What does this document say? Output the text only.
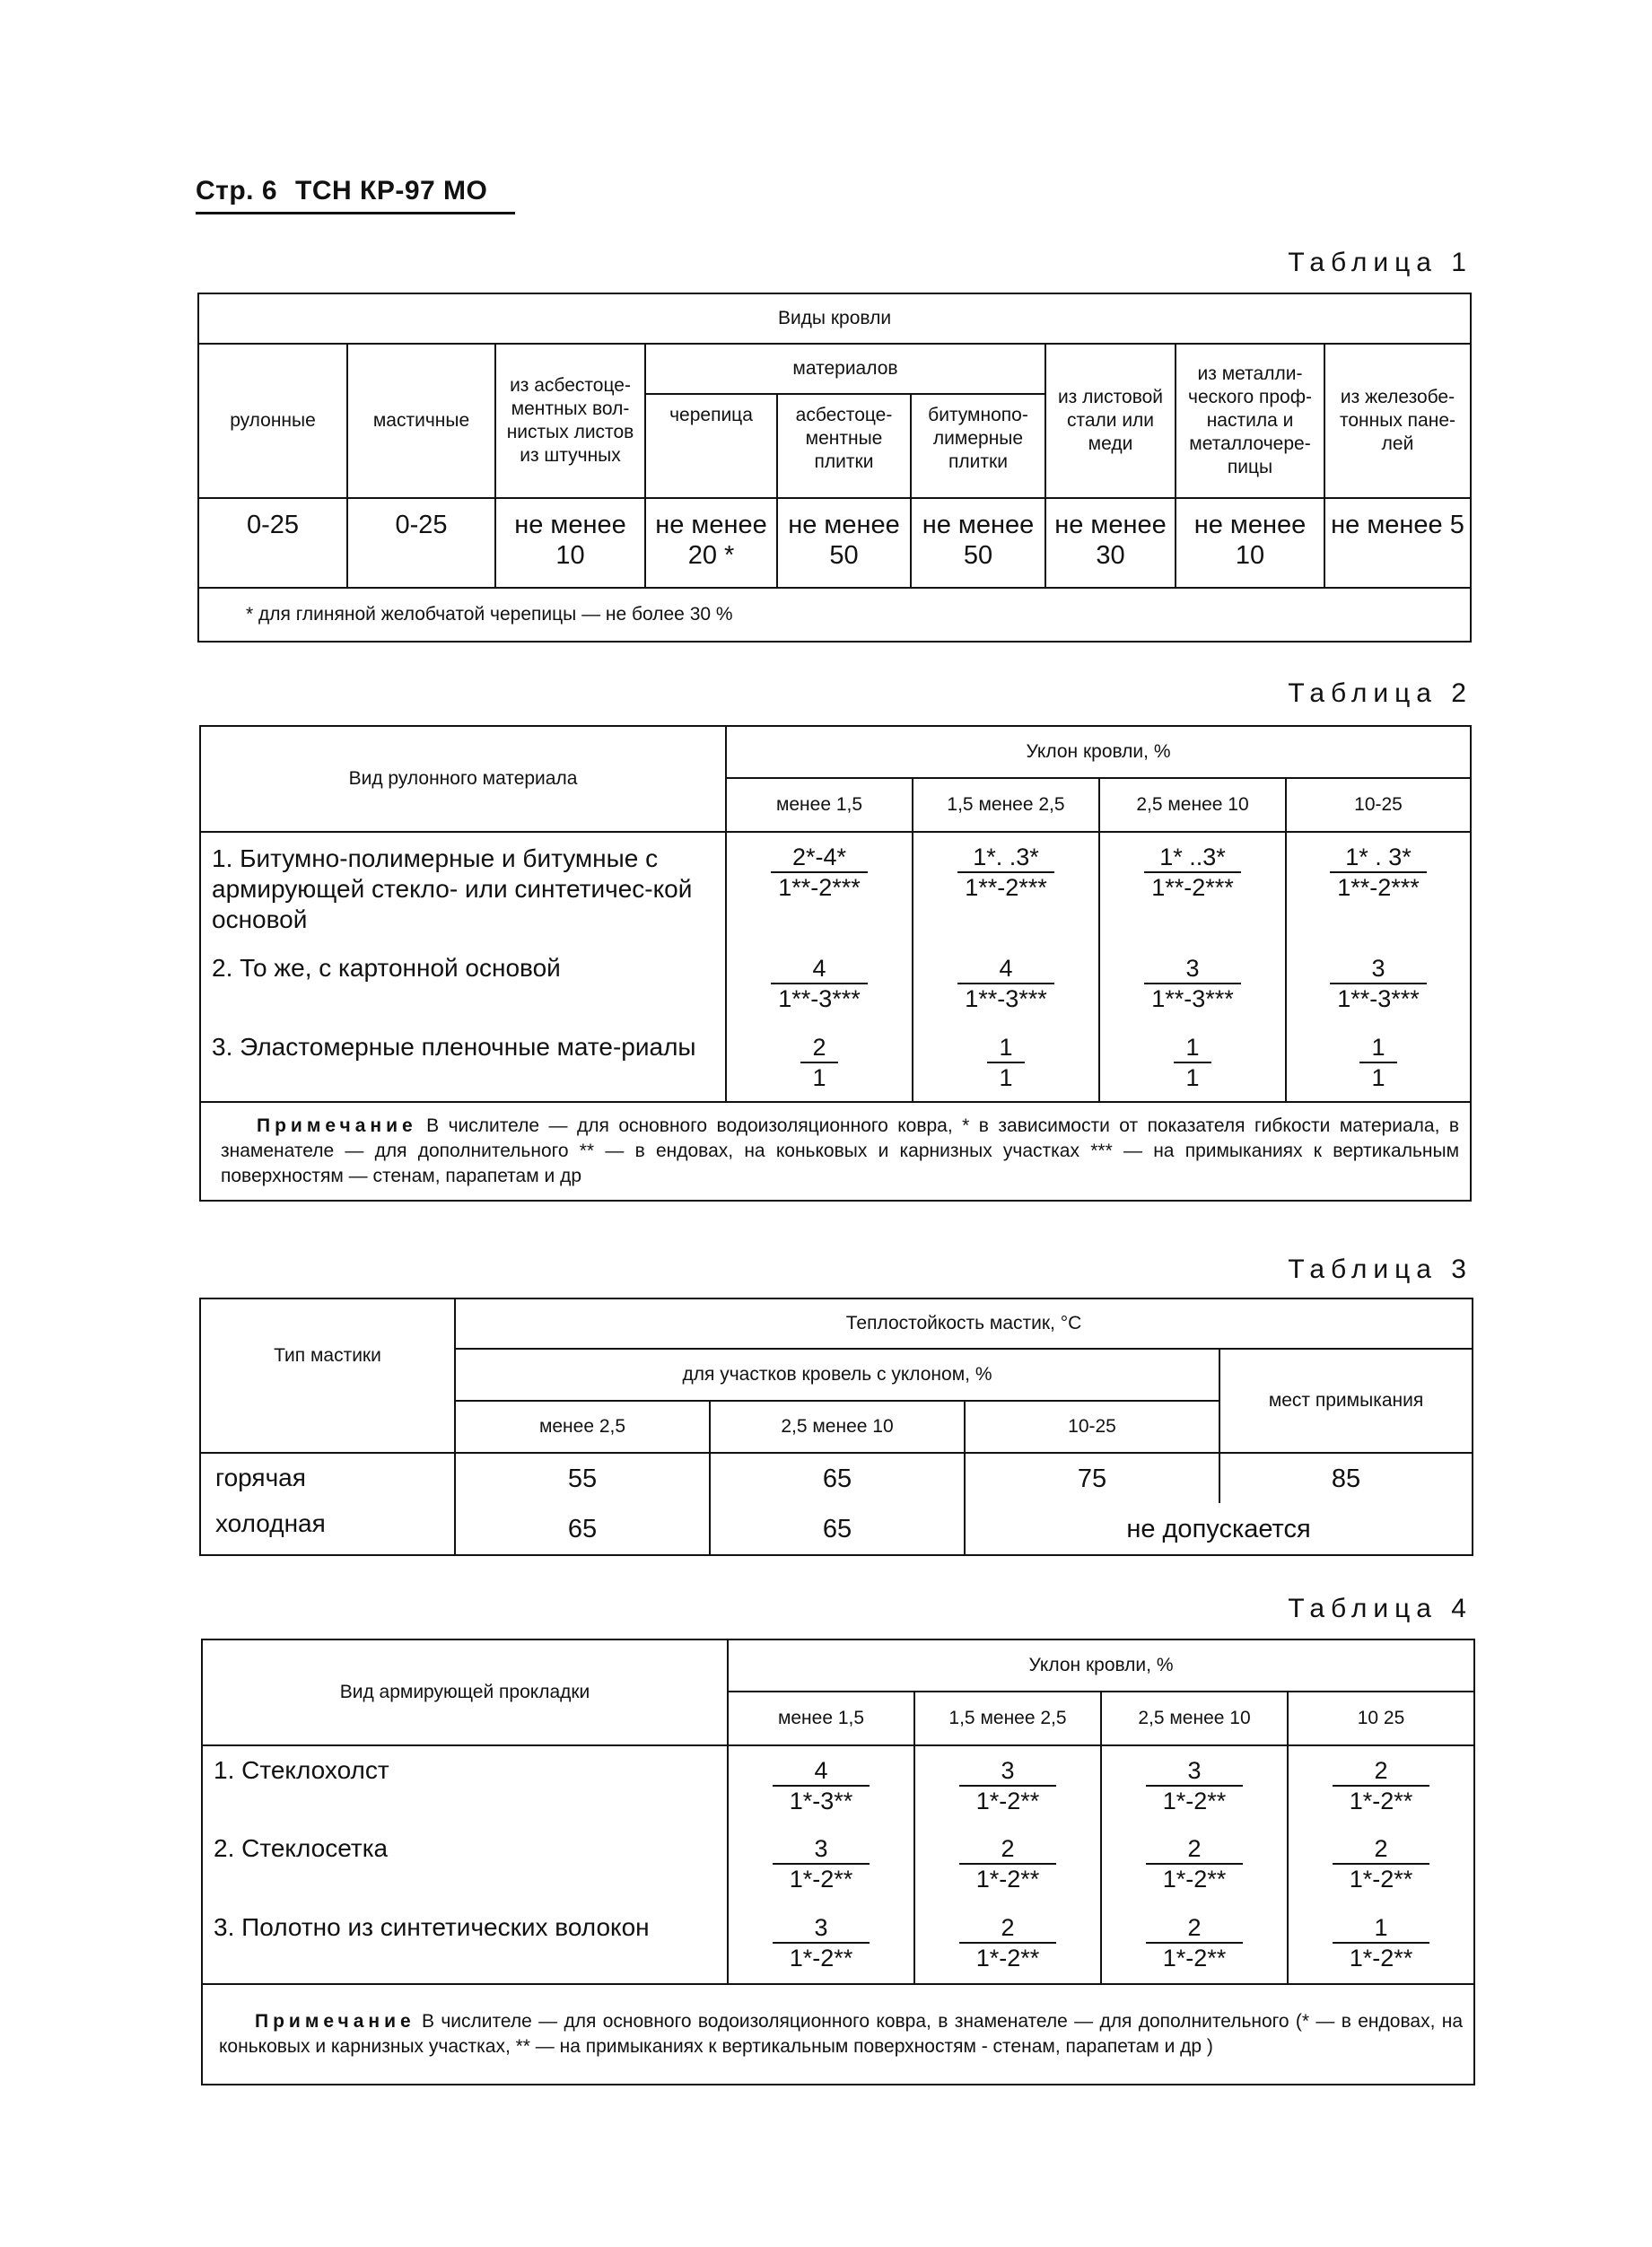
Стр. 6 ТСН КР-97 МО
Таблица 1
Виды кровли								
рулонные	мастичные	из асбестоце-ментных вол-нистых листов из штучных	материалов			из листовой стали или меди	из металли-ческого проф-настила и металлочере-пицы	из железобе-тонных пане-лей
			черепица	асбестоце-ментные плитки	битумнопо-лимерные плитки			
0-25	0-25	не менее 10	не менее 20 *	не менее 50	не менее 50	не менее 30	не менее 10	не менее 5
* для глиняной желобчатой черепицы — не более 30 %								
Таблица 2
Вид рулонного материала	Уклон кровли, %			
	менее 1,5	1,5 менее 2,5	2,5 менее 10	10-25
1. Битумно-полимерные и битумные с армирующей стекло- или синтетичес-кой основой	$\frac{2*-4*}{1**-2***}$	$\frac{1*. .3*}{1**-2***}$	$\frac{1* ..3*}{1**-2***}$	$\frac{1* . 3*}{1**-2***}$

2. То же, с картонной основой	$\frac{4}{1**-3***}$	$\frac{4}{1**-3***}$	$\frac{3}{1**-3***}$	$\frac{3}{1**-3***}$

3. Эластомерные пленочные мате-риалы	$\frac{2}{1}$	$\frac{1}{1}$	$\frac{1}{1}$	$\frac{1}{1}$

Примечание В числителе — для основного водоизоляционного ковра, * в зависимости от показателя гибкости материала, в знаменателе — для дополнительного ** — в ендовах, на коньковых и карнизных участках *** — на примыканиях к вертикальным поверхностям — стенам, парапетам и др				
Таблица 3
Тип мастики	Теплостойкость мастик, °С			
	для участков кровель с уклоном, %			мест примыкания
	менее 2,5	2,5 менее 10	10-25	
горячая	55	65	75	85
холодная	65	65	не допускается	
Таблица 4
Вид армирующей прокладки	Уклон кровли, %			
	менее 1,5	1,5 менее 2,5	2,5 менее 10	10 25
1. Стеклохолст	$\frac{4}{1*-3**}$	$\frac{3}{1*-2**}$	$\frac{3}{1*-2**}$	$\frac{2}{1*-2**}$

2. Стеклосетка	$\frac{3}{1*-2**}$	$\frac{2}{1*-2**}$	$\frac{2}{1*-2**}$	$\frac{2}{1*-2**}$

3. Полотно из синтетических волокон	$\frac{3}{1*-2**}$	$\frac{2}{1*-2**}$	$\frac{2}{1*-2**}$	$\frac{1}{1*-2**}$

Примечание В числителе — для основного водоизоляционного ковра, в знаменателе — для дополнительного (* — в ендовах, на коньковых и карнизных участках, ** — на примыканиях к вертикальным поверхностям - стенам, парапетам и др )				
